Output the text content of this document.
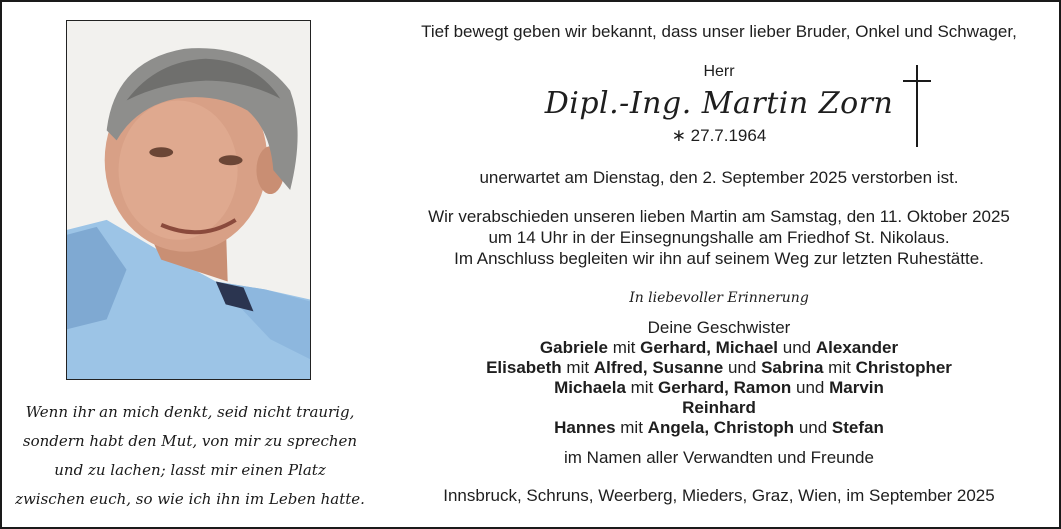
Wenn ihr an mich denkt, seid nicht traurig,
sondern habt den Mut, von mir zu sprechen
und zu lachen; lasst mir einen Platz
zwischen euch, so wie ich ihn im Leben hatte.
Tief bewegt geben wir bekannt, dass unser lieber Bruder, Onkel und Schwager,
Herr
Dipl.-Ing. Martin Zorn
∗ 27.7.1964
unerwartet am Dienstag, den 2. September 2025 verstorben ist.
Wir verabschieden unseren lieben Martin am Samstag, den 11. Oktober 2025
um 14 Uhr in der Einsegnungshalle am Friedhof St. Nikolaus.
Im Anschluss begleiten wir ihn auf seinem Weg zur letzten Ruhestätte.
In liebevoller Erinnerung
Deine Geschwister
Gabriele mit Gerhard, Michael und Alexander
Elisabeth mit Alfred, Susanne und Sabrina mit Christopher
Michaela mit Gerhard, Ramon und Marvin
Reinhard
Hannes mit Angela, Christoph und Stefan
im Namen aller Verwandten und Freunde
Innsbruck, Schruns, Weerberg, Mieders, Graz, Wien, im September 2025
